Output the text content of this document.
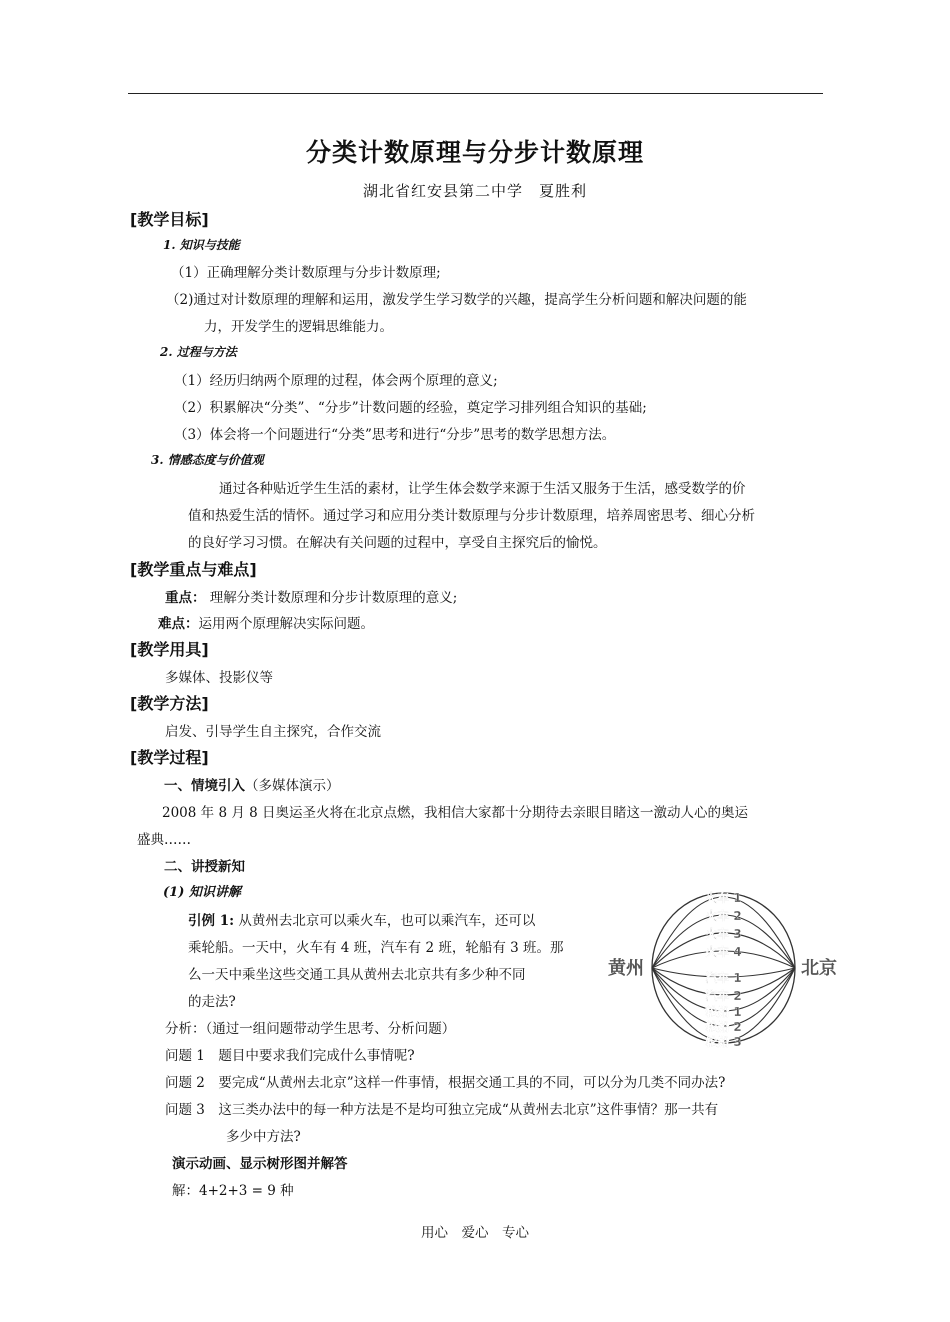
分类计数原理与分步计数原理
湖北省红安县第二中学　夏胜利
[教学目标]
1. 知识与技能
（1）正确理解分类计数原理与分步计数原理;
（2)通过对计数原理的理解和运用，激发学生学习数学的兴趣，提高学生分析问题和解决问题的能
力，开发学生的逻辑思维能力。
2. 过程与方法
（1）经历归纳两个原理的过程，体会两个原理的意义;
（2）积累解决“分类”、“分步”计数问题的经验，奠定学习排列组合知识的基础;
（3）体会将一个问题进行“分类”思考和进行“分步”思考的数学思想方法。
3. 情感态度与价值观
通过各种贴近学生生活的素材，让学生体会数学来源于生活又服务于生活，感受数学的价
值和热爱生活的情怀。通过学习和应用分类计数原理与分步计数原理，培养周密思考、细心分析
的良好学习习惯。在解决有关问题的过程中，享受自主探究后的愉悦。
[教学重点与难点]
重点： 理解分类计数原理和分步计数原理的意义;
难点：运用两个原理解决实际问题。
[教学用具]
多媒体、投影仪等
[教学方法]
启发、引导学生自主探究，合作交流
[教学过程]
一、情境引入（多媒体演示）
2008 年 8 月 8 日奥运圣火将在北京点燃，我相信大家都十分期待去亲眼目睹这一激动人心的奥运
盛典……
二、讲授新知
(1) 知识讲解
引例 1: 从黄州去北京可以乘火车，也可以乘汽车，还可以
乘轮船。一天中，火车有 4 班，汽车有 2 班，轮船有 3 班。那
么一天中乘坐这些交通工具从黄州去北京共有多少种不同
的走法?
分析：（通过一组问题带动学生思考、分析问题）
问题 1　题目中要求我们完成什么事情呢?
问题 2　要完成“从黄州去北京”这样一件事情，根据交通工具的不同，可以分为几类不同办法?
问题 3　这三类办法中的每一种方法是不是均可独立完成“从黄州去北京”这件事情？那一共有
多少中方法?
演示动画、显示树形图并解答
解：4+2+3 = 9 种
黄州	北京
火车 1
火车 2
火车 3
火车 4
汽车 1
汽车 2
轮船 1
轮船 2
轮船 3
用心　爱心　专心
